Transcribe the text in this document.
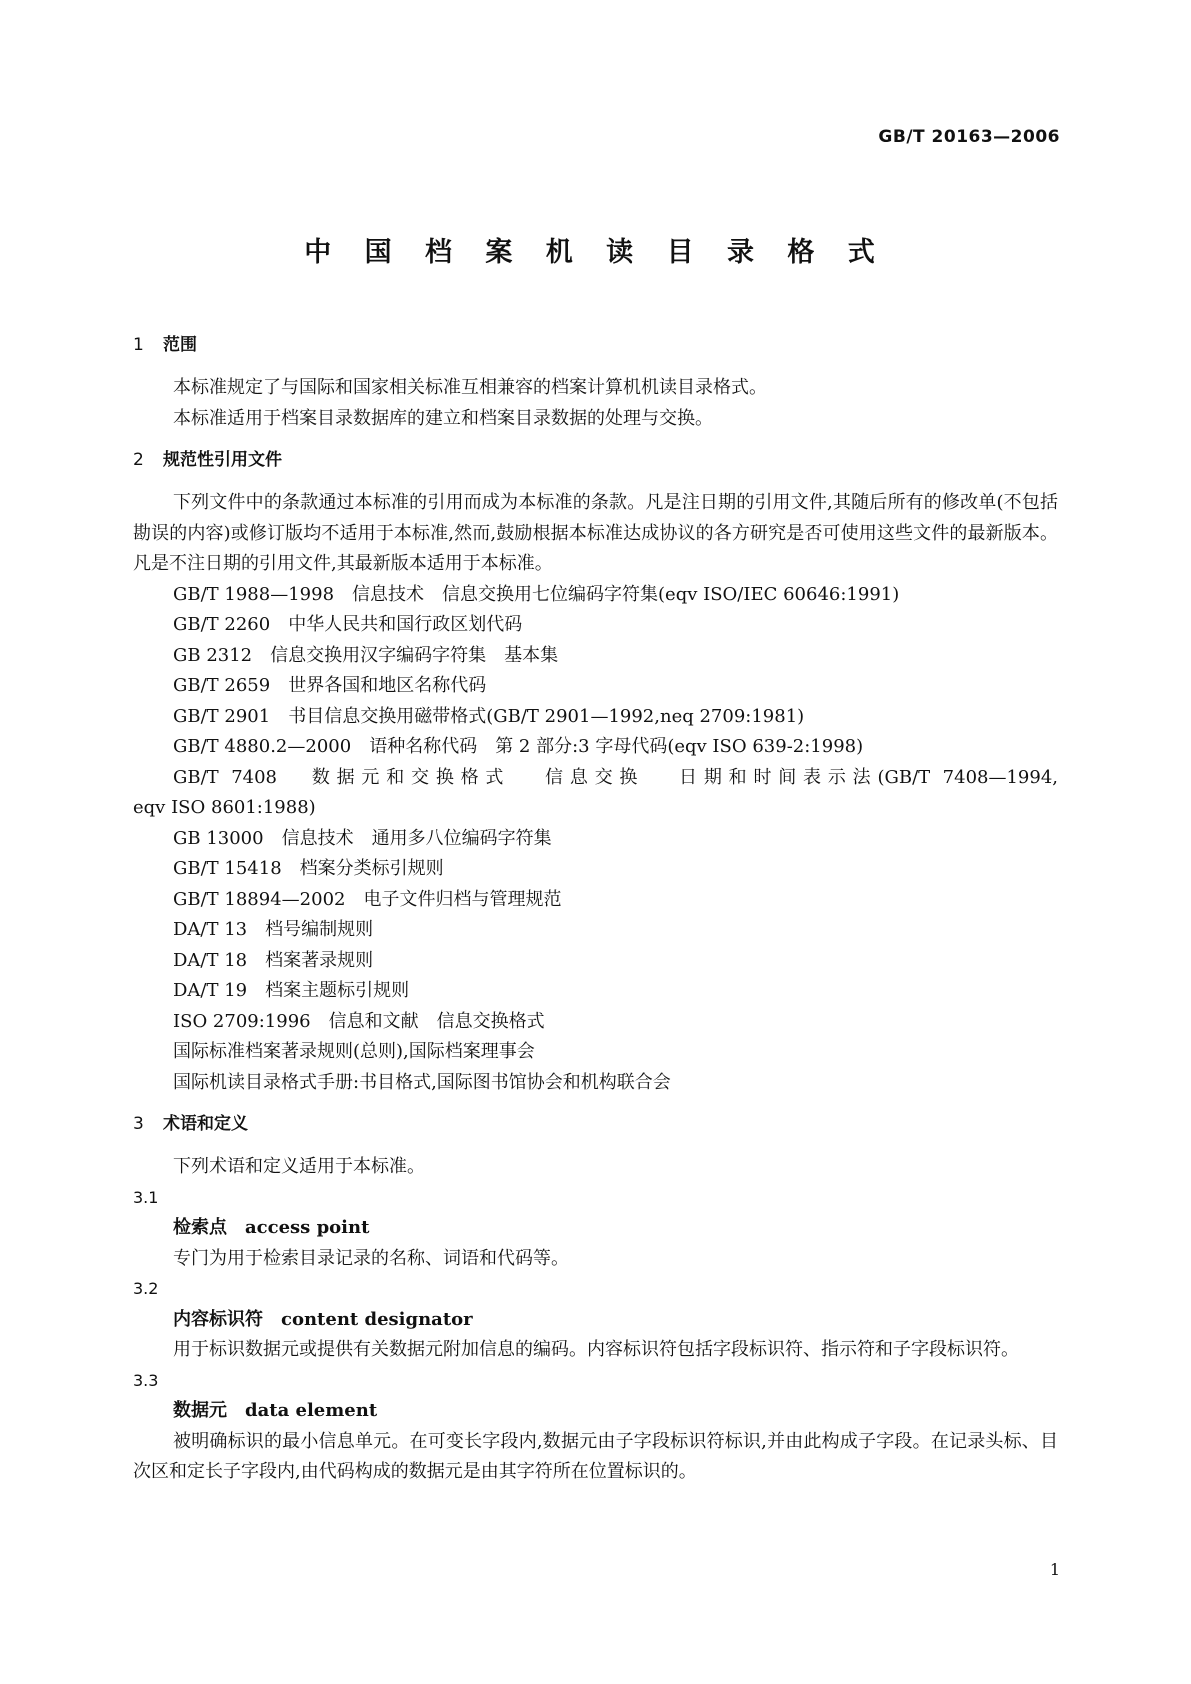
GB/T 20163—2006
中 国 档 案 机 读 目 录 格 式
1 范围
本标准规定了与国际和国家相关标准互相兼容的档案计算机机读目录格式。
本标准适用于档案目录数据库的建立和档案目录数据的处理与交换。
2 规范性引用文件
下列文件中的条款通过本标准的引用而成为本标准的条款。凡是注日期的引用文件,其随后所有的修改单(不包括勘误的内容)或修订版均不适用于本标准,然而,鼓励根据本标准达成协议的各方研究是否可使用这些文件的最新版本。凡是不注日期的引用文件,其最新版本适用于本标准。
GB/T 1988—1998 信息技术　信息交换用七位编码字符集(eqv ISO/IEC 60646:1991)
GB/T 2260 中华人民共和国行政区划代码
GB 2312 信息交换用汉字编码字符集　基本集
GB/T 2659 世界各国和地区名称代码
GB/T 2901 书目信息交换用磁带格式(GB/T 2901—1992,neq 2709:1981)
GB/T 4880.2—2000 语种名称代码　第 2 部分:3 字母代码(eqv ISO 639-2:1998)
GB/T 7408 数据元和交换格式 信息交换 日期和时间表示法(GB/T 7408—1994,
eqv ISO 8601:1988)
GB 13000 信息技术　通用多八位编码字符集
GB/T 15418 档案分类标引规则
GB/T 18894—2002 电子文件归档与管理规范
DA/T 13 档号编制规则
DA/T 18 档案著录规则
DA/T 19 档案主题标引规则
ISO 2709:1996 信息和文献　信息交换格式
国际标准档案著录规则(总则),国际档案理事会
国际机读目录格式手册:书目格式,国际图书馆协会和机构联合会
3 术语和定义
下列术语和定义适用于本标准。
3.1
检索点 access point
专门为用于检索目录记录的名称、词语和代码等。
3.2
内容标识符 content designator
用于标识数据元或提供有关数据元附加信息的编码。内容标识符包括字段标识符、指示符和子字段标识符。
3.3
数据元 data element
被明确标识的最小信息单元。在可变长字段内,数据元由子字段标识符标识,并由此构成子字段。在记录头标、目次区和定长子字段内,由代码构成的数据元是由其字符所在位置标识的。
1
